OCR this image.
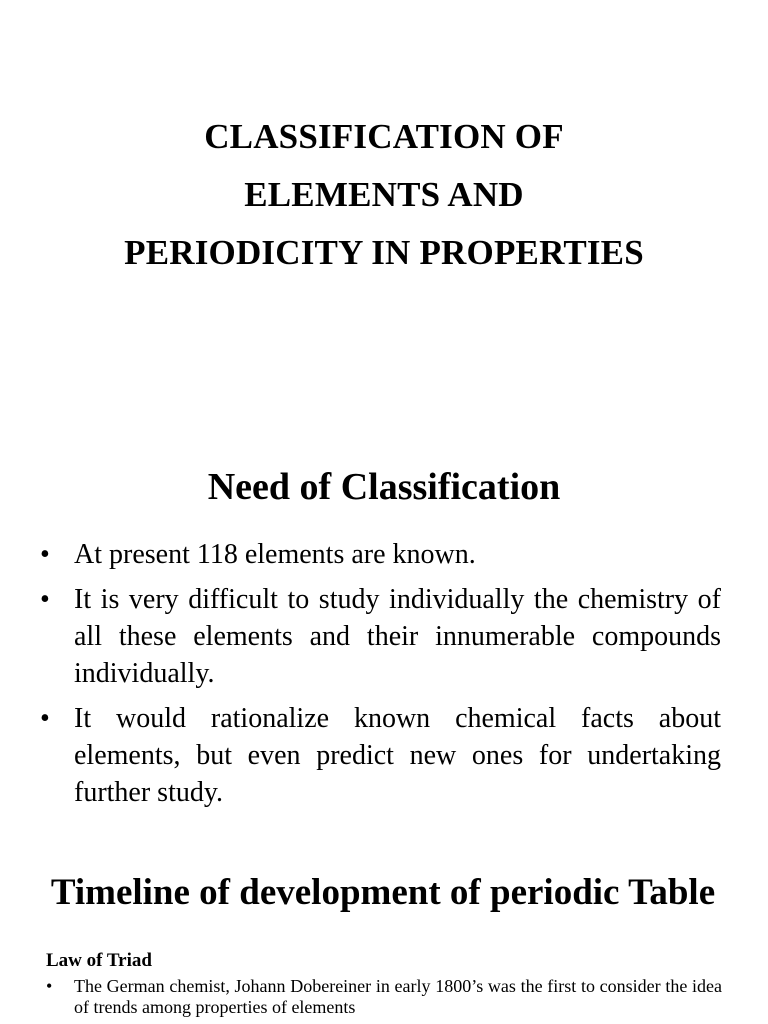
CLASSIFICATION OF
ELEMENTS AND
PERIODICITY IN PROPERTIES
Need of Classification
• At present 118 elements are known.
• It is very difficult to study individually the chemistry of all these elements and their innumerable compounds individually.
• It would rationalize known chemical facts about elements, but even predict new ones for undertaking further study.
Timeline of development of periodic Table
Law of Triad
• The German chemist, Johann Dobereiner in early 1800’s was the first to consider the idea of trends among properties of elements
